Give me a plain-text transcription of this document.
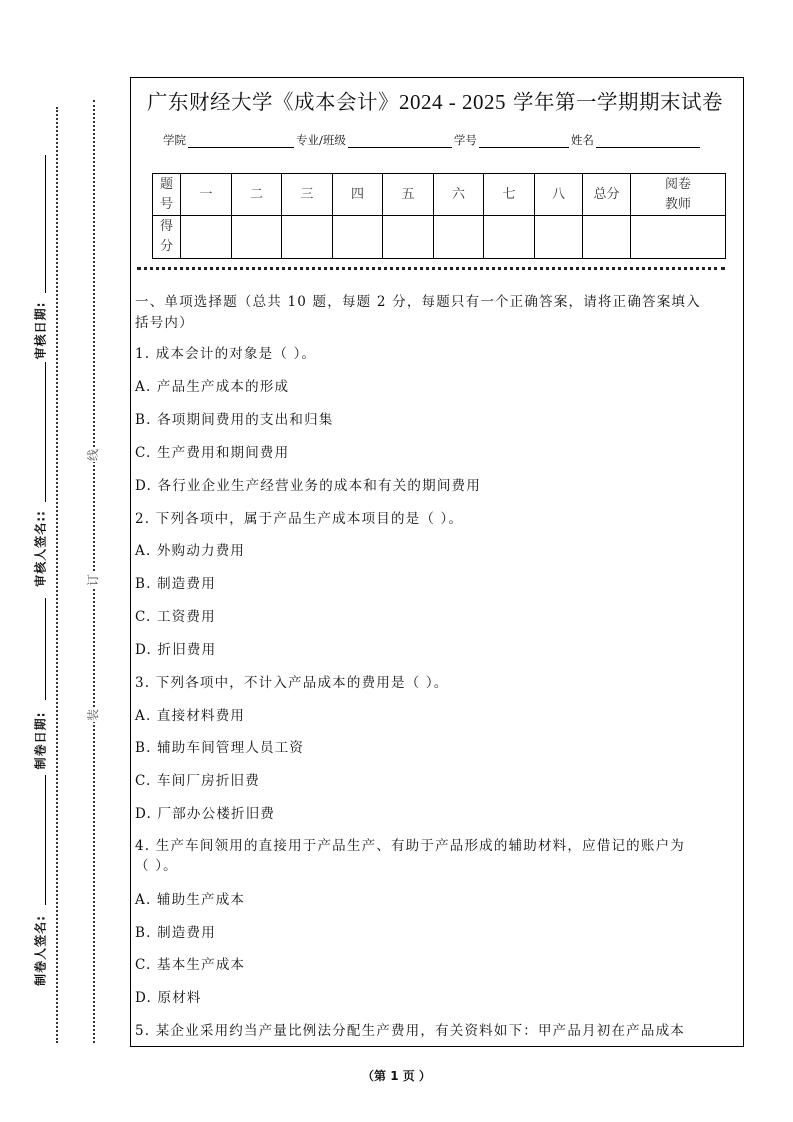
审核日期:
审核人签名::
制卷日期:
制卷人签名:
线
订
装
广东财经大学《成本会计》2024 - 2025 学年第一学期期末试卷
学院	专业/班级	学号	姓名
题
号	一	二	三	四	五	六	七	八	总分	阅卷
教师
得
分										
一、单项选择题（总共 10 题，每题 2 分，每题只有一个正确答案，请将正确答案填入
括号内）
1. 成本会计的对象是（ ）。
A. 产品生产成本的形成
B. 各项期间费用的支出和归集
C. 生产费用和期间费用
D. 各行业企业生产经营业务的成本和有关的期间费用
2. 下列各项中，属于产品生产成本项目的是（ ）。
A. 外购动力费用
B. 制造费用
C. 工资费用
D. 折旧费用
3. 下列各项中，不计入产品成本的费用是（ ）。
A. 直接材料费用
B. 辅助车间管理人员工资
C. 车间厂房折旧费
D. 厂部办公楼折旧费
4. 生产车间领用的直接用于产品生产、有助于产品形成的辅助材料，应借记的账户为
（ ）。
A. 辅助生产成本
B. 制造费用
C. 基本生产成本
D. 原材料
5. 某企业采用约当产量比例法分配生产费用，有关资料如下：甲产品月初在产品成本
（第 1 页 ）
